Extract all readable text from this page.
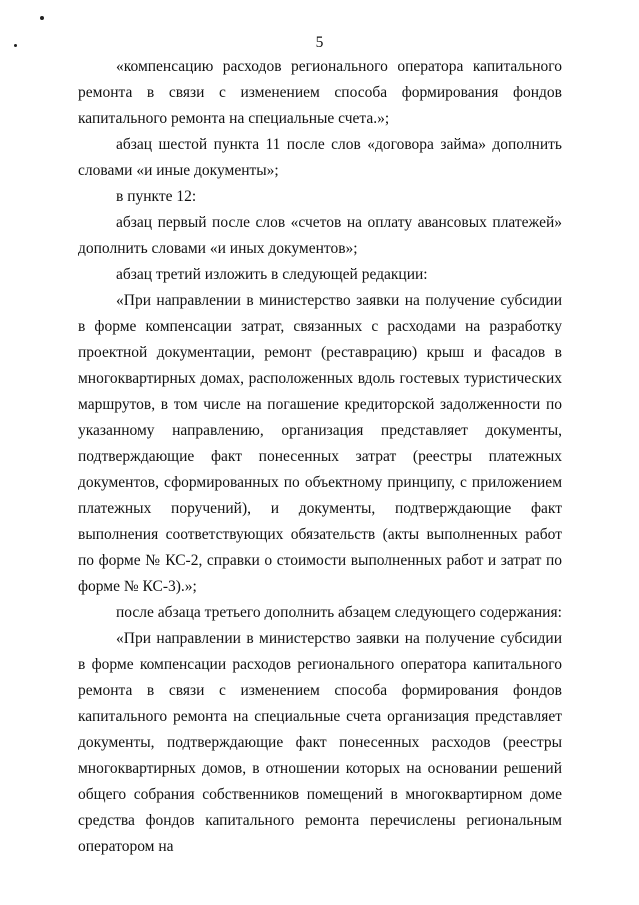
5

«компенсацию расходов регионального оператора капитального ремонта в связи с изменением способа формирования фондов капитального ремонта на специальные счета.»;

абзац шестой пункта 11 после слов «договора займа» дополнить словами «и иные документы»;

в пункте 12:

абзац первый после слов «счетов на оплату авансовых платежей» дополнить словами «и иных документов»;

абзац третий изложить в следующей редакции:

«При направлении в министерство заявки на получение субсидии в форме компенсации затрат, связанных с расходами на разработку проектной документации, ремонт (реставрацию) крыш и фасадов в многоквартирных домах, расположенных вдоль гостевых туристических маршрутов, в том числе на погашение кредиторской задолженности по указанному направлению, организация представляет документы, подтверждающие факт понесенных затрат (реестры платежных документов, сформированных по объектному принципу, с приложением платежных поручений), и документы, подтверждающие факт выполнения соответствующих обязательств (акты выполненных работ по форме № КС-2, справки о стоимости выполненных работ и затрат по форме № КС-3).»;

после абзаца третьего дополнить абзацем следующего содержания:

«При направлении в министерство заявки на получение субсидии в форме компенсации расходов регионального оператора капитального ремонта в связи с изменением способа формирования фондов капитального ремонта на специальные счета организация представляет документы, подтверждающие факт понесенных расходов (реестры многоквартирных домов, в отношении которых на основании решений общего собрания собственников помещений в многоквартирном доме средства фондов капитального ремонта перечислены региональным оператором на
